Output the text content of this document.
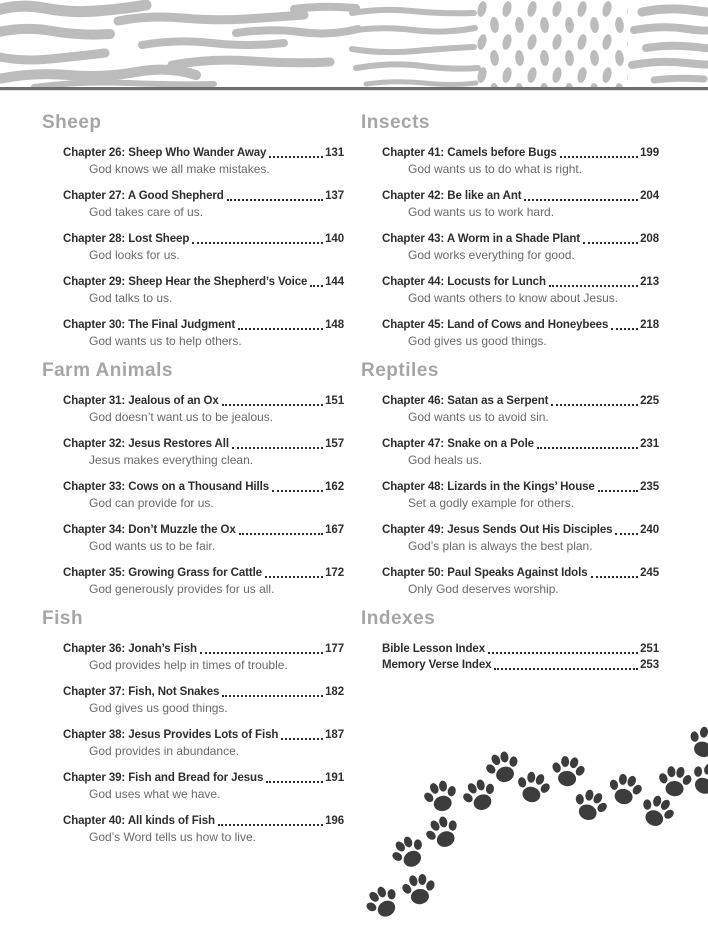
Sheep
Chapter 26: Sheep Who Wander Away	131
God knows we all make mistakes.
Chapter 27: A Good Shepherd	137
God takes care of us.
Chapter 28: Lost Sheep	140
God looks for us.
Chapter 29: Sheep Hear the Shepherd’s Voice 144
God talks to us.
Chapter 30: The Final Judgment	148
God wants us to help others.
Farm Animals
Chapter 31: Jealous of an Ox	151
God doesn’t want us to be jealous.
Chapter 32: Jesus Restores All	157
Jesus makes everything clean.
Chapter 33: Cows on a Thousand Hills	162
God can provide for us.
Chapter 34: Don’t Muzzle the Ox	167
God wants us to be fair.
Chapter 35: Growing Grass for Cattle	172
God generously provides for us all.
Fish
Chapter 36: Jonah’s Fish	177
God provides help in times of trouble.
Chapter 37: Fish, Not Snakes	182
God gives us good things.
Chapter 38: Jesus Provides Lots of Fish	187
God provides in abundance.
Chapter 39: Fish and Bread for Jesus	191
God uses what we have.
Chapter 40: All kinds of Fish	196
God’s Word tells us how to live.
Insects
Chapter 41: Camels before Bugs	199
God wants us to do what is right.
Chapter 42: Be like an Ant	204
God wants us to work hard.
Chapter 43: A Worm in a Shade Plant	208
God works everything for good.
Chapter 44: Locusts for Lunch	213
God wants others to know about Jesus.
Chapter 45: Land of Cows and Honeybees	218
God gives us good things.
Reptiles
Chapter 46: Satan as a Serpent	225
God wants us to avoid sin.
Chapter 47: Snake on a Pole	231
God heals us.
Chapter 48: Lizards in the Kings’ House	235
Set a godly example for others.
Chapter 49: Jesus Sends Out His Disciples 240
God’s plan is always the best plan.
Chapter 50: Paul Speaks Against Idols	245
Only God deserves worship.
Indexes
Bible Lesson Index	251
Memory Verse Index	253
